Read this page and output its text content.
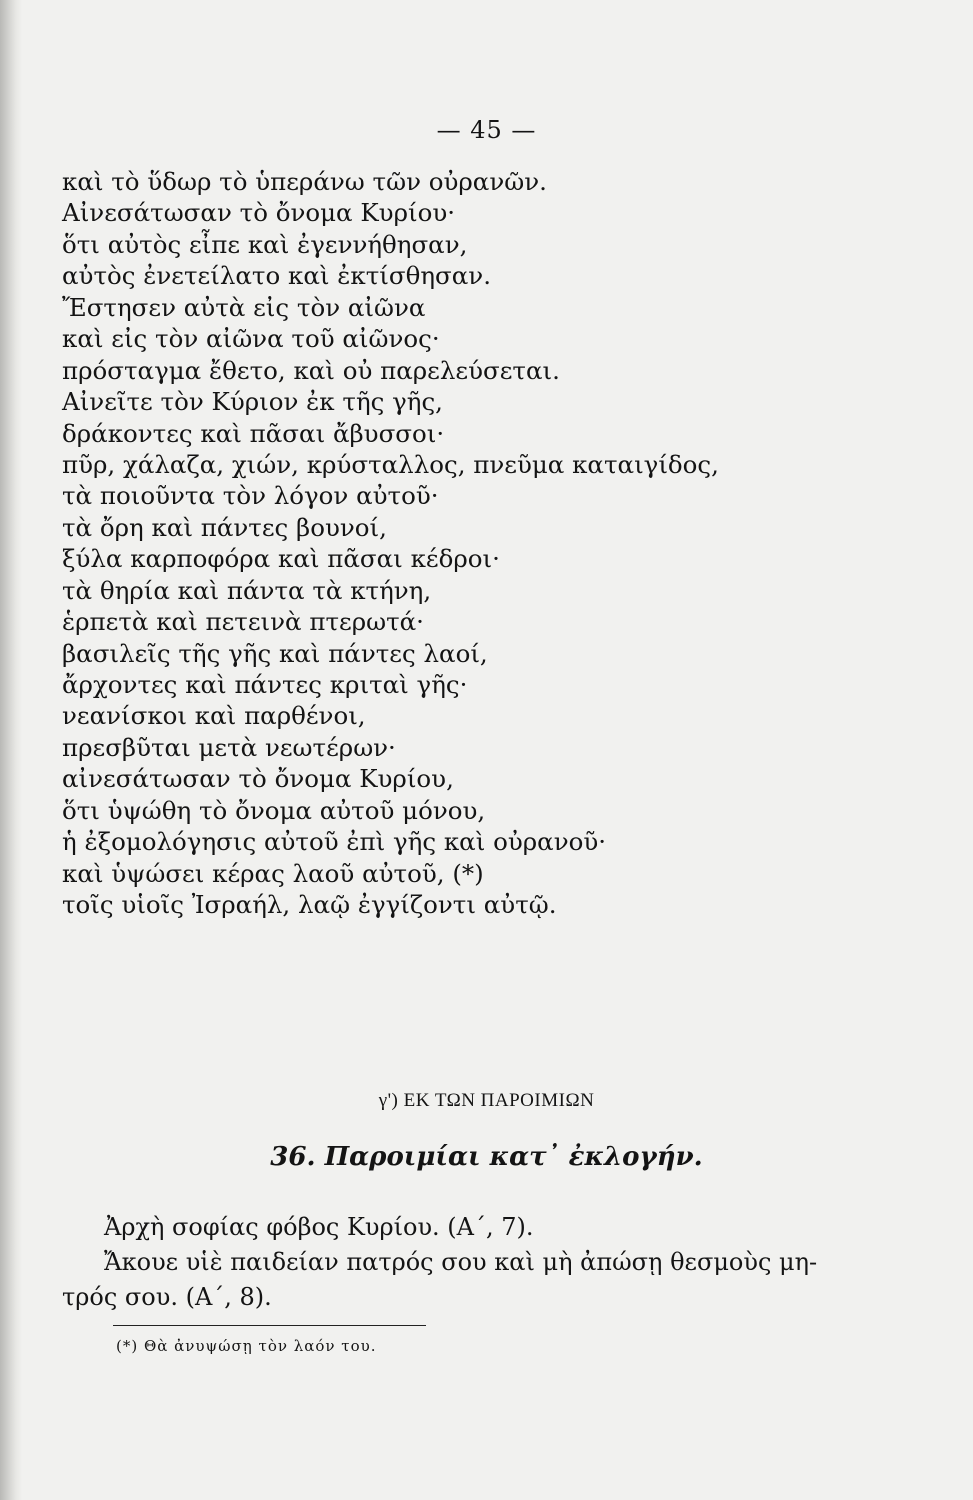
— 45 —
καὶ τὸ ὕδωρ τὸ ὑπεράνω τῶν οὐρανῶν.
Αἰνεσάτωσαν τὸ ὄνομα Κυρίου·
ὅτι αὐτὸς εἶπε καὶ ἐγεννήθησαν,
αὐτὸς ἐνετείλατο καὶ ἐκτίσθησαν.
Ἔστησεν αὐτὰ εἰς τὸν αἰῶνα
καὶ εἰς τὸν αἰῶνα τοῦ αἰῶνος·
πρόσταγμα ἔθετο, καὶ οὐ παρελεύσεται.
Αἰνεῖτε τὸν Κύριον ἐκ τῆς γῆς,
δράκοντες καὶ πᾶσαι ἄβυσσοι·
πῦρ, χάλαζα, χιών, κρύσταλλος, πνεῦμα καταιγίδος,
τὰ ποιοῦντα τὸν λόγον αὐτοῦ·
τὰ ὄρη καὶ πάντες βουνοί,
ξύλα καρποφόρα καὶ πᾶσαι κέδροι·
τὰ θηρία καὶ πάντα τὰ κτήνη,
ἑρπετὰ καὶ πετεινὰ πτερωτά·
βασιλεῖς τῆς γῆς καὶ πάντες λαοί,
ἄρχοντες καὶ πάντες κριταὶ γῆς·
νεανίσκοι καὶ παρθένοι,
πρεσβῦται μετὰ νεωτέρων·
αἰνεσάτωσαν τὸ ὄνομα Κυρίου,
ὅτι ὑψώθη τὸ ὄνομα αὐτοῦ μόνου,
ἡ ἐξομολόγησις αὐτοῦ ἐπὶ γῆς καὶ οὐρανοῦ·
καὶ ὑψώσει κέρας λαοῦ αὐτοῦ, (*)
τοῖς υἱοῖς Ἰσραήλ, λαῷ ἐγγίζοντι αὐτῷ.
γ') ΕΚ ΤΩΝ ΠΑΡΟΙΜΙΩΝ
36. Παροιμίαι κατ᾽ ἐκλογήν.
Ἀρχὴ σοφίας φόβος Κυρίου. (Α΄, 7).
Ἄκουε υἱὲ παιδείαν πατρός σου καὶ μὴ ἀπώσῃ θεσμοὺς μη-
τρός σου. (Α΄, 8).
(*) Θὰ ἀνυψώσῃ τὸν λαόν του.
